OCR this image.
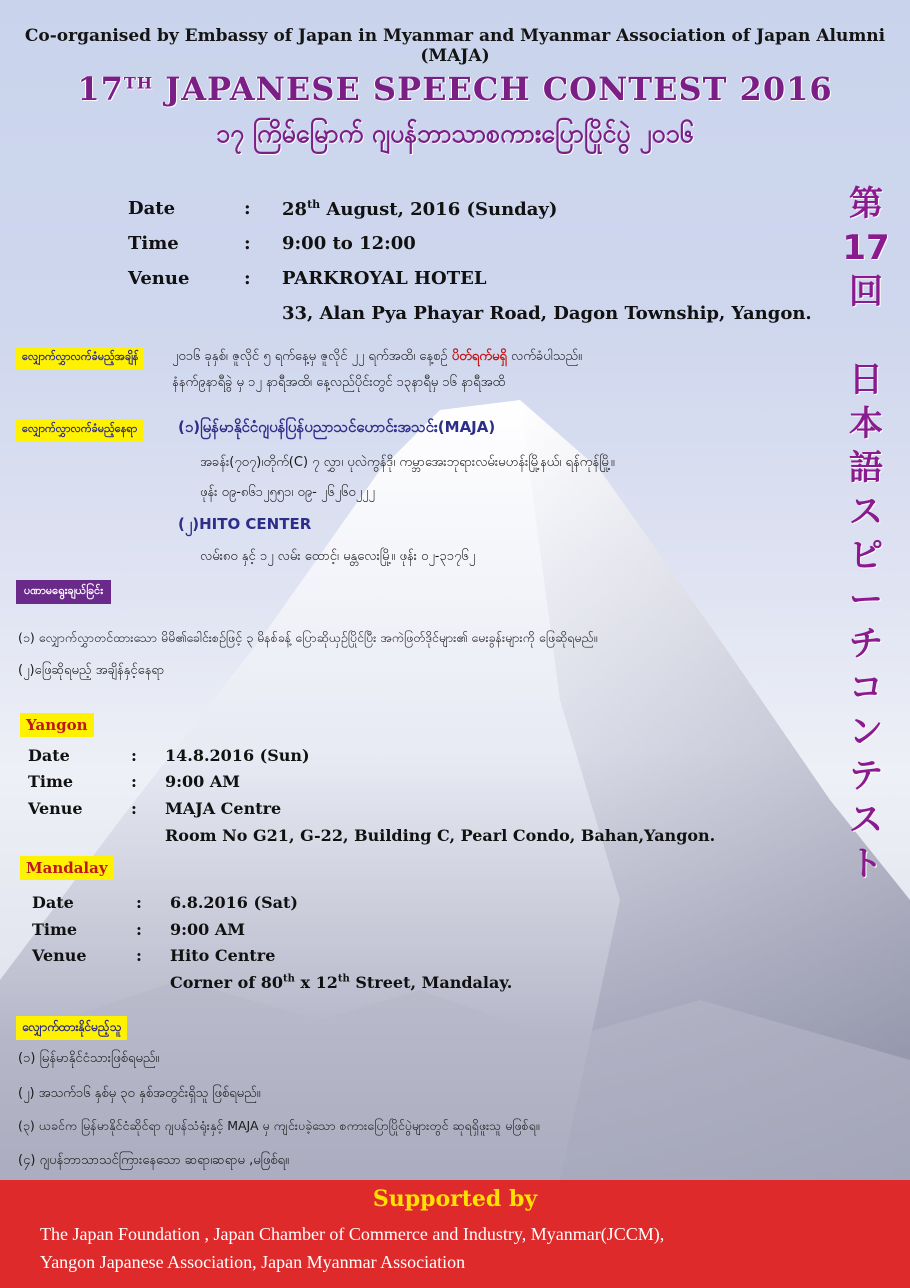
Co-organised by Embassy of Japan in Myanmar and Myanmar Association of Japan Alumni (MAJA)
17TH JAPANESE SPEECH CONTEST 2016
၁၇ ကြိမ်မြောက် ဂျပန်ဘာသာစကားပြောပြိုင်ပွဲ ၂၀၁၆
第
17
回

日
本
語
ス
ピ
ー
チ
コ
ン
テ
ス
ト
Date	: 28th August, 2016 (Sunday)
Time	: 9:00 to 12:00
Venue	: PARKROYAL HOTEL
33, Alan Pya Phayar Road, Dagon Township, Yangon.
လျှောက်လွှာလက်ခံမည့်အချိန်	၂၀၁၆ ခုနှစ်၊ ဇူလိုင် ၅ ရက်နေ့မှ ဇူလိုင် ၂၂ ရက်အထိ၊ နေ့စဉ် ပိတ်ရက်မရှိ လက်ခံပါသည်။
နံနက်၉နာရီခွဲ မှ ၁၂ နာရီအထိ၊ နေ့လည်ပိုင်းတွင် ၁၃နာရီမှ ၁၆ နာရီအထိ
လျှောက်လွှာလက်ခံမည့်နေရာ	(၁)မြန်မာနိုင်ငံဂျပန်ပြန်ပညာသင်ဟောင်းအသင်း(MAJA)
အခန်း(၇၀၇)၊တိုက်(C) ၇ လွှာ၊ ပုလဲကွန်ဒို၊ ကမ္ဘာအေးဘုရားလမ်းမဟန်းမြို့နယ်၊ ရန်ကုန်မြို့။
ဖုန်း ၀၉-၈၆၁၂၅၅၁၊ ၀၉- ၂၆၂၆၀၂၂၂
(၂)HITO CENTER
လမ်း၈၀ နှင့် ၁၂ လမ်း ထောင့်၊ မန္တလေးမြို့။ ဖုန်း ၀၂-၃၁၇၆၂
ပဏာမရွေးချယ်ခြင်း
(၁) လျှောက်လွှာတင်ထားသော မိမိ၏ခေါင်းစဉ်ဖြင့် ၃ မိနစ်ခန့် ပြောဆိုယှဉ်ပြိုင်ပြီး အကဲဖြတ်ဒိုင်များ၏ မေးခွန်းများကို ဖြေဆိုရမည်။
(၂)ဖြေဆိုရမည့် အချိန်နှင့်နေရာ
Yangon
Date	: 14.8.2016 (Sun)
Time	: 9:00 AM
Venue	: MAJA Centre
Room No G21, G-22, Building C, Pearl Condo, Bahan,Yangon.
Mandalay
Date	: 6.8.2016 (Sat)
Time	: 9:00 AM
Venue	: Hito Centre
Corner of 80th x 12th Street, Mandalay.
လျှောက်ထားနိုင်မည့်သူ
(၁) မြန်မာနိုင်ငံသားဖြစ်ရမည်။
(၂) အသက်၁၆ နှစ်မှ ၃၀ နှစ်အတွင်းရှိသူ ဖြစ်ရမည်။
(၃) ယခင်က မြန်မာနိုင်ငံဆိုင်ရာ ဂျပန်သံရုံးနှင့် MAJA မှ ကျင်းပခဲ့သော စကားပြောပြိုင်ပွဲများတွင် ဆုရရှိဖူးသူ မဖြစ်ရ။
(၄) ဂျပန်ဘာသာသင်ကြားနေသော ဆရာ၊ဆရာမ ,မဖြစ်ရ။
Supported by
The Japan Foundation , Japan Chamber of Commerce and Industry, Myanmar(JCCM),
Yangon Japanese Association, Japan Myanmar Association
